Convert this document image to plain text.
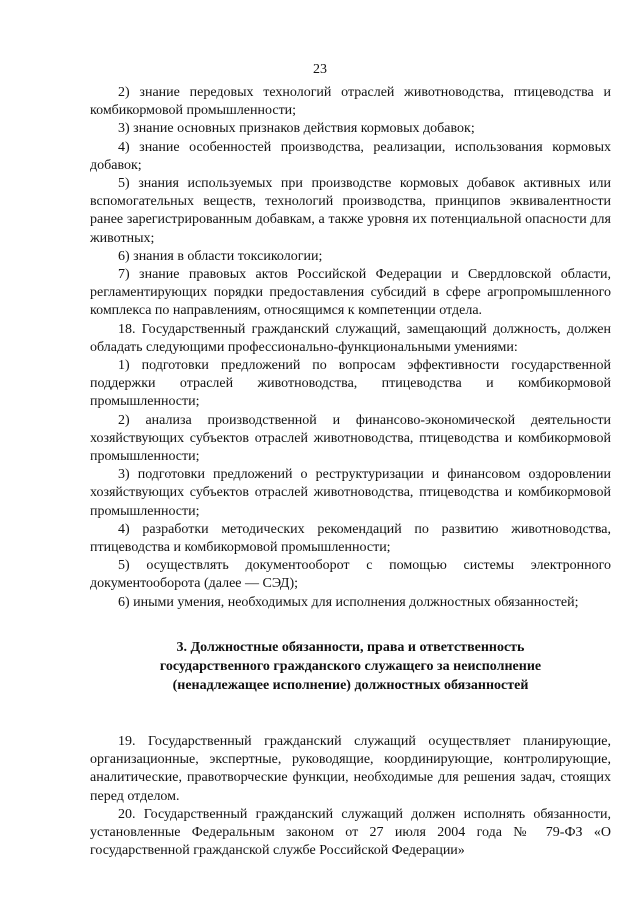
23

2) знание передовых технологий отраслей животноводства, птицеводства и комбикормовой промышленности;

3) знание основных признаков действия кормовых добавок;

4) знание особенностей производства, реализации, использования кормовых добавок;

5) знания используемых при производстве кормовых добавок активных или вспомогательных веществ, технологий производства, принципов эквивалентности ранее зарегистрированным добавкам, а также уровня их потенциальной опасности для животных;

6) знания в области токсикологии;

7) знание правовых актов Российской Федерации и Свердловской области, регламентирующих порядки предоставления субсидий в сфере агропромышленного комплекса по направлениям, относящимся к компетенции отдела.

18. Государственный гражданский служащий, замещающий должность, должен обладать следующими профессионально-функциональными умениями:

1) подготовки предложений по вопросам эффективности государственной поддержки отраслей животноводства, птицеводства и комбикормовой промышленности;

2) анализа производственной и финансово-экономической деятельности хозяйствующих субъектов отраслей животноводства, птицеводства и комбикормовой промышленности;

3) подготовки предложений о реструктуризации и финансовом оздоровлении хозяйствующих субъектов отраслей животноводства, птицеводства и комбикормовой промышленности;

4) разработки методических рекомендаций по развитию животноводства, птицеводства и комбикормовой промышленности;

5) осуществлять документооборот с помощью системы электронного документооборота (далее — СЭД);

6) иными умения, необходимых для исполнения должностных обязанностей;

3. Должностные обязанности, права и ответственность
государственного гражданского служащего за неисполнение
(ненадлежащее исполнение) должностных обязанностей

19. Государственный гражданский служащий осуществляет планирующие, организационные, экспертные, руководящие, координирующие, контролирующие, аналитические, правотворческие функции, необходимые для решения задач, стоящих перед отделом.

20. Государственный гражданский служащий должен исполнять обязанности, установленные Федеральным законом от 27 июля 2004 года № 79-ФЗ «О государственной гражданской службе Российской Федерации»
